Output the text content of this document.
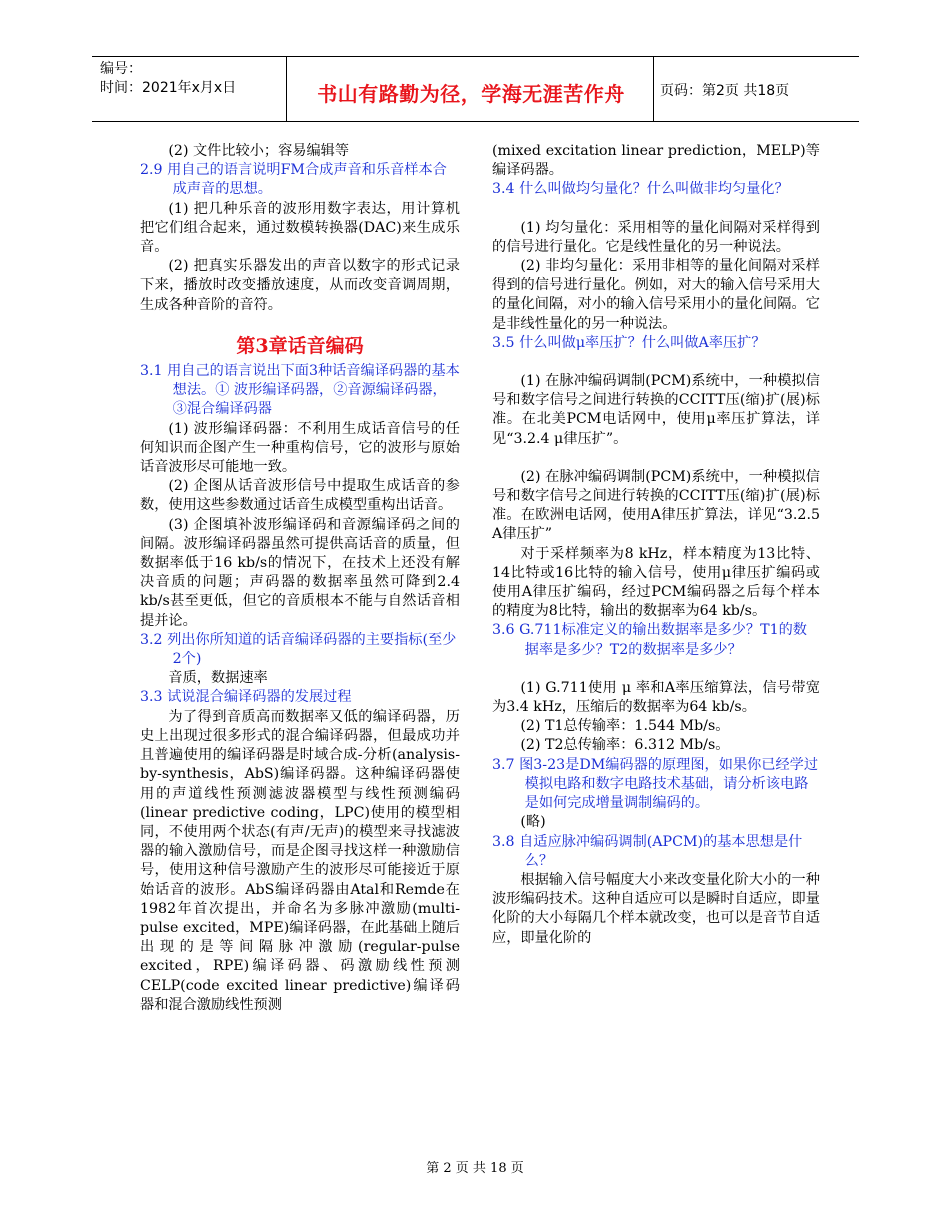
编号：
时间：2021年x月x日	书山有路勤为径，学海无涯苦作舟	页码：第2页 共18页

(2) 文件比较小；容易编辑等

2.9 用自己的语言说明FM合成声音和乐音样本合成声音的思想。

(1) 把几种乐音的波形用数字表达，用计算机把它们组合起来，通过数模转换器(DAC)来生成乐音。

(2) 把真实乐器发出的声音以数字的形式记录下来，播放时改变播放速度，从而改变音调周期，生成各种音阶的音符。

第3章话音编码

3.1 用自己的语言说出下面3种话音编译码器的基本想法。① 波形编译码器，②音源编译码器，③混合编译码器

(1) 波形编译码器：不利用生成话音信号的任何知识而企图产生一种重构信号，它的波形与原始话音波形尽可能地一致。

(2) 企图从话音波形信号中提取生成话音的参数，使用这些参数通过话音生成模型重构出话音。

(3) 企图填补波形编译码和音源编译码之间的间隔。波形编译码器虽然可提供高话音的质量，但数据率低于16 kb/s的情况下，在技术上还没有解决音质的问题；声码器的数据率虽然可降到2.4 kb/s甚至更低，但它的音质根本不能与自然话音相提并论。

3.2 列出你所知道的话音编译码器的主要指标(至少2个)

音质，数据速率

3.3 试说混合编译码器的发展过程

为了得到音质高而数据率又低的编译码器，历史上出现过很多形式的混合编译码器，但最成功并且普遍使用的编译码器是时域合成-分析(analysis-by-synthesis，AbS)编译码器。这种编译码器使用的声道线性预测滤波器模型与线性预测编码(linear predictive coding，LPC)使用的模型相同，不使用两个状态(有声/无声)的模型来寻找滤波器的输入激励信号，而是企图寻找这样一种激励信号，使用这种信号激励产生的波形尽可能接近于原始话音的波形。AbS编译码器由Atal和Remde在1982年首次提出，并命名为多脉冲激励(multi-pulse excited，MPE)编译码器，在此基础上随后出现的是等间隔脉冲激励(regular-pulse excited，RPE)编译码器、码激励线性预测CELP(code excited linear predictive)编译码器和混合激励线性预测

(mixed excitation linear prediction，MELP)等编译码器。

3.4 什么叫做均匀量化？什么叫做非均匀量化？

(1) 均匀量化：采用相等的量化间隔对采样得到的信号进行量化。它是线性量化的另一种说法。

(2) 非均匀量化：采用非相等的量化间隔对采样得到的信号进行量化。例如，对大的输入信号采用大的量化间隔，对小的输入信号采用小的量化间隔。它是非线性量化的另一种说法。

3.5 什么叫做μ率压扩？什么叫做A率压扩？

(1) 在脉冲编码调制(PCM)系统中，一种模拟信号和数字信号之间进行转换的CCITT压(缩)扩(展)标准。在北美PCM电话网中，使用μ率压扩算法，详见“3.2.4 μ律压扩”。

(2) 在脉冲编码调制(PCM)系统中，一种模拟信号和数字信号之间进行转换的CCITT压(缩)扩(展)标准。在欧洲电话网，使用A律压扩算法，详见“3.2.5 A律压扩”

对于采样频率为8 kHz，样本精度为13比特、14比特或16比特的输入信号，使用μ律压扩编码或使用A律压扩编码，经过PCM编码器之后每个样本的精度为8比特，输出的数据率为64 kb/s。

3.6 G.711标准定义的输出数据率是多少？T1的数据率是多少？T2的数据率是多少？

(1) G.711使用 μ 率和A率压缩算法，信号带宽为3.4 kHz，压缩后的数据率为64 kb/s。

(2) T1总传输率：1.544 Mb/s。

(2) T2总传输率：6.312 Mb/s。

3.7 图3-23是DM编码器的原理图，如果你已经学过模拟电路和数字电路技术基础，请分析该电路是如何完成增量调制编码的。

(略)

3.8 自适应脉冲编码调制(APCM)的基本思想是什么？

根据输入信号幅度大小来改变量化阶大小的一种波形编码技术。这种自适应可以是瞬时自适应，即量化阶的大小每隔几个样本就改变，也可以是音节自适应，即量化阶的

第 2 页 共 18 页
